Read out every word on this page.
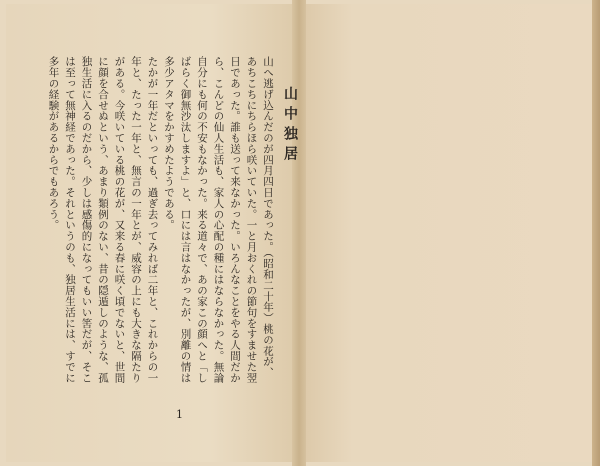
山中独居

山へ逃げ込んだのが四月四日であった。（昭和二十年）桃の花が、あちこちにちらほら咲いていた。一と月おくれの節句をすませた翌日であった。誰も送って来なかった。いろんなことをやる人間だから、こんどの仙人生活も、家人の心配の種にはならなかった。無論自分にも何の不安もなかった。来る道々で、あの家この顔へと「しばらく御無沙汰しますよ」と、口には言はなかったが、別離の情は多少アタマをかすめたようである。

たかが一年だといっても、過ぎ去ってみれば二年と、これからの一年と、たった一年と、無言の一年とが、威容の上にも大きな隔たりがある。今咲いている桃の花が、又来る春に咲く頃でないと、世間に顔を合せぬという、あまり類例のない、昔の隠遁しのような、孤独生活に入るのだから、少しは感傷的になってもいい筈だが、そこは至って無神経であった。それというのも、独居生活には、すでに多年の経験があるからでもあろう。

1
